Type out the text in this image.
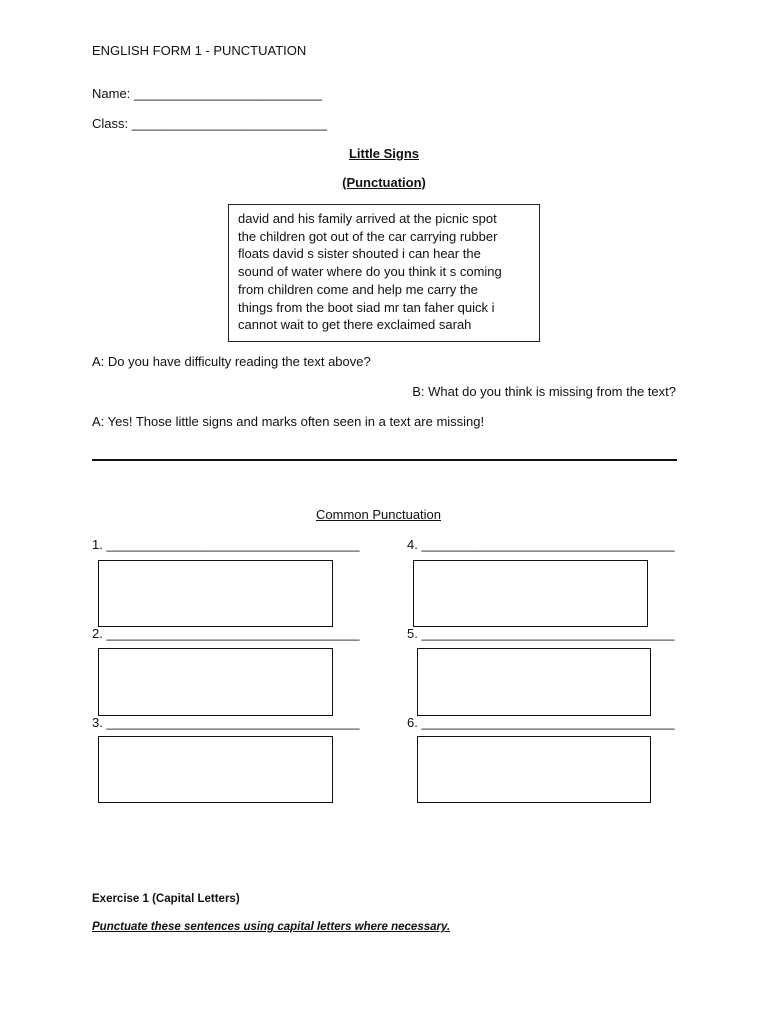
ENGLISH FORM 1 - PUNCTUATION
Name: __________________________
Class: ___________________________
Little Signs
(Punctuation)

david and his family arrived at the picnic spot

the children got out of the car carrying rubber

floats david s sister shouted i can hear the

sound of water where do you think it s coming

from children come and help me carry the

things from the boot siad mr tan faher quick i

cannot wait to get there exclaimed sarah

A: Do you have difficulty reading the text above?
B: What do you think is missing from the text?
A: Yes! Those little signs and marks often seen in a text are missing!
Common Punctuation
1. ___________________________________
2. ___________________________________
3. ___________________________________
4. ___________________________________
5. ___________________________________
6. ___________________________________
Exercise 1 (Capital Letters)
Punctuate these sentences using capital letters where necessary.
